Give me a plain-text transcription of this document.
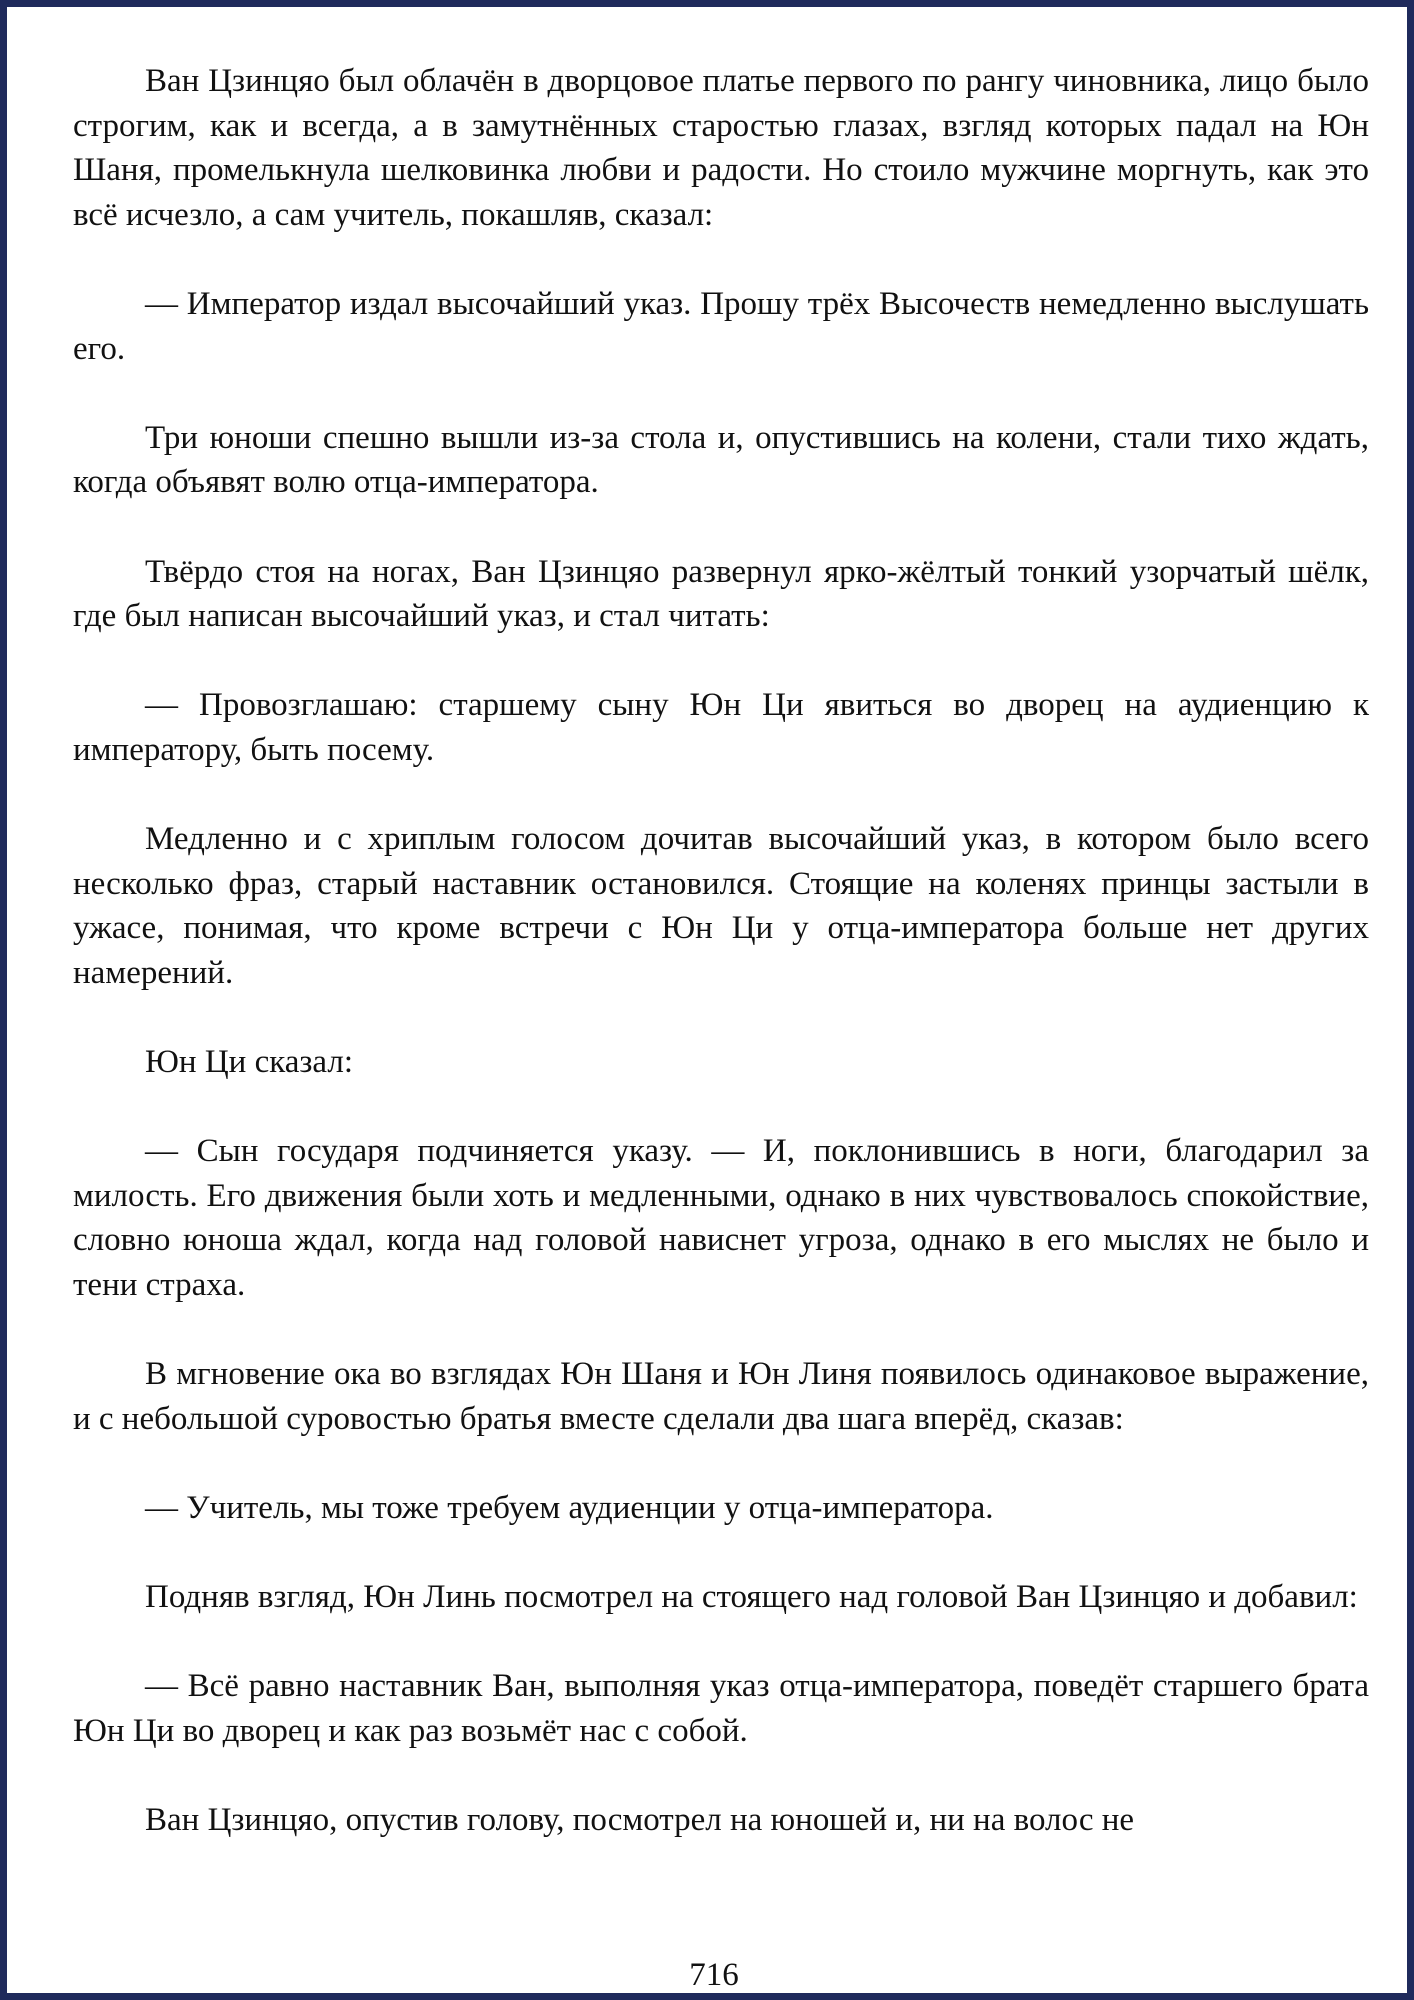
Ван Цзинцяо был облачён в дворцовое платье первого по рангу чиновника, лицо было строгим, как и всегда, а в замутнённых старостью глазах, взгляд которых падал на Юн Шаня, промелькнула шелковинка любви и радости. Но стоило мужчине моргнуть, как это всё исчезло, а сам учитель, покашляв, сказал:

— Император издал высочайший указ. Прошу трёх Высочеств немедленно выслушать его.

Три юноши спешно вышли из-за стола и, опустившись на колени, стали тихо ждать, когда объявят волю отца-императора.

Твёрдо стоя на ногах, Ван Цзинцяо развернул ярко-жёлтый тонкий узорчатый шёлк, где был написан высочайший указ, и стал читать:

— Провозглашаю: старшему сыну Юн Ци явиться во дворец на аудиенцию к императору, быть посему.

Медленно и с хриплым голосом дочитав высочайший указ, в котором было всего несколько фраз, старый наставник остановился. Стоящие на коленях принцы застыли в ужасе, понимая, что кроме встречи с Юн Ци у отца-императора больше нет других намерений.

Юн Ци сказал:

— Сын государя подчиняется указу. — И, поклонившись в ноги, благодарил за милость. Его движения были хоть и медленными, однако в них чувствовалось спокойствие, словно юноша ждал, когда над головой нависнет угроза, однако в его мыслях не было и тени страха.

В мгновение ока во взглядах Юн Шаня и Юн Линя появилось одинаковое выражение, и с небольшой суровостью братья вместе сделали два шага вперёд, сказав:

— Учитель, мы тоже требуем аудиенции у отца-императора.

Подняв взгляд, Юн Линь посмотрел на стоящего над головой Ван Цзинцяо и добавил:

— Всё равно наставник Ван, выполняя указ отца-императора, поведёт старшего брата Юн Ци во дворец и как раз возьмёт нас с собой.

Ван Цзинцяо, опустив голову, посмотрел на юношей и, ни на волос не

716
